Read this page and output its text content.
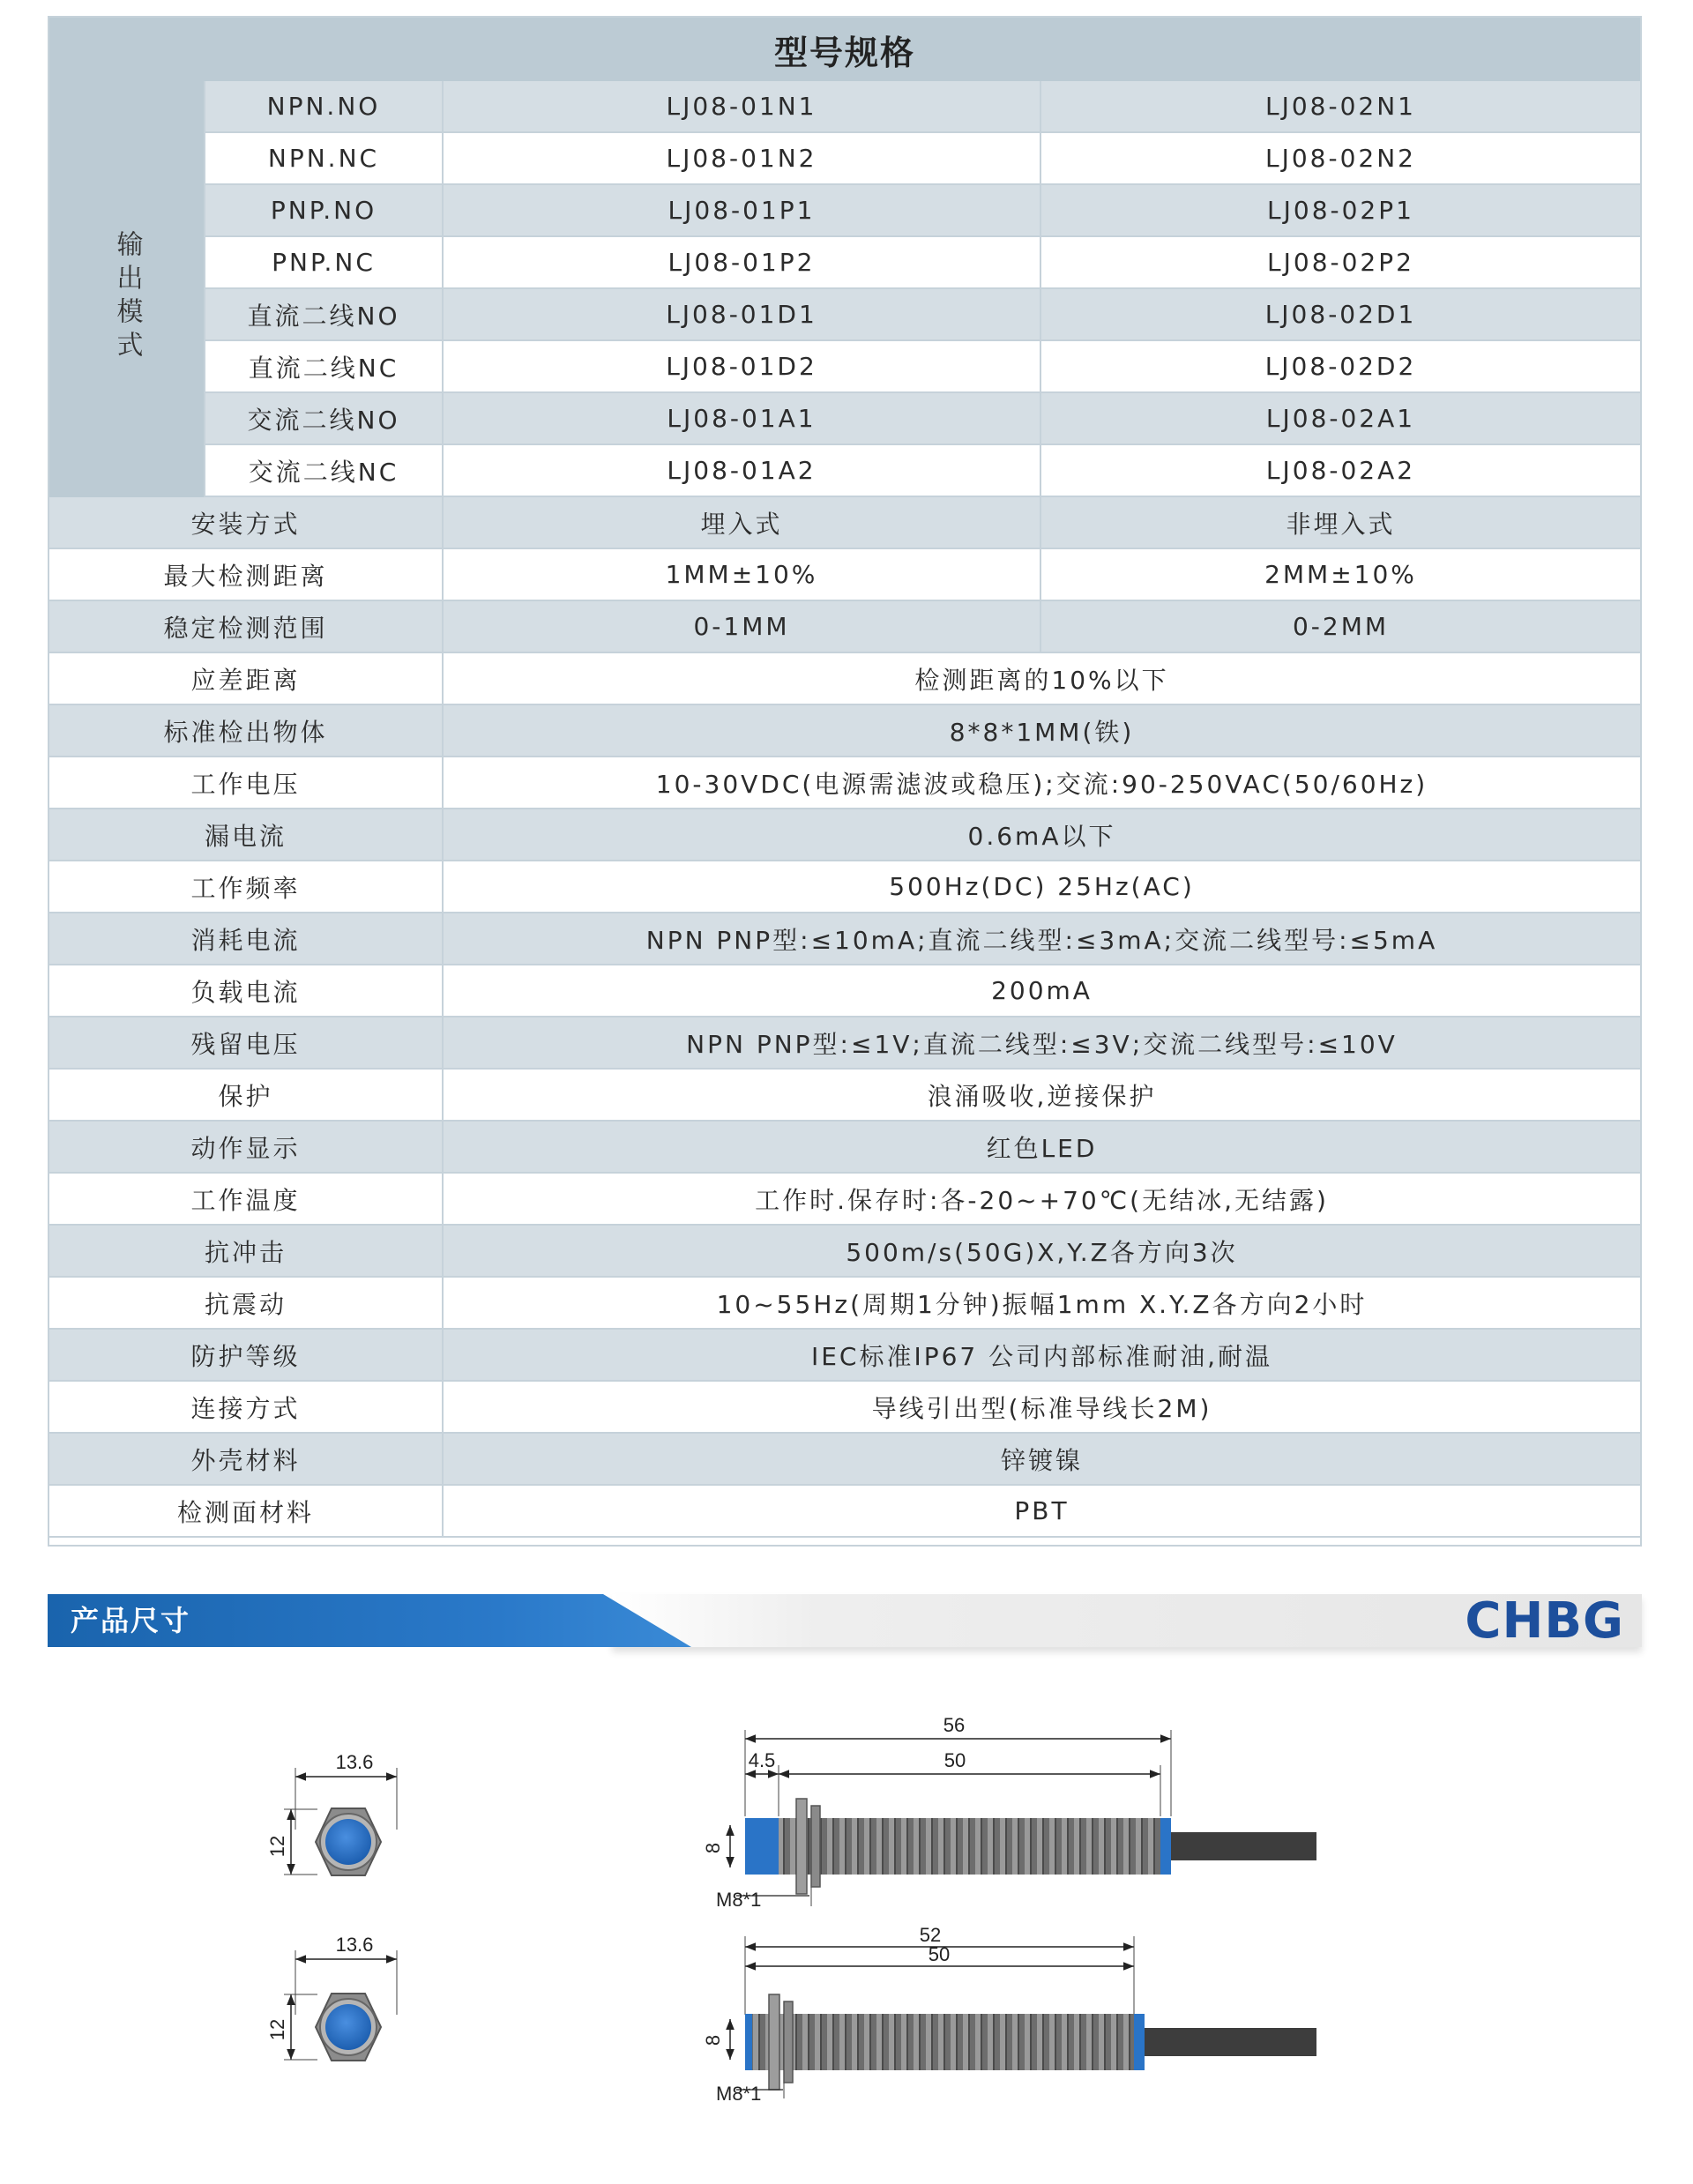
型号规格
输出模式
NPN.NO	LJ08-01N1	LJ08-02N1
NPN.NC	LJ08-01N2	LJ08-02N2
PNP.NO	LJ08-01P1	LJ08-02P1
PNP.NC	LJ08-01P2	LJ08-02P2
直流二线NO	LJ08-01D1	LJ08-02D1
直流二线NC	LJ08-01D2	LJ08-02D2
交流二线NO	LJ08-01A1	LJ08-02A1
交流二线NC	LJ08-01A2	LJ08-02A2
安装方式	埋入式	非埋入式
最大检测距离	1MM±10%	2MM±10%
稳定检测范围	0-1MM	0-2MM
应差距离	检测距离的10%以下
标准检出物体	8*8*1MM(铁)
工作电压	10-30VDC(电源需滤波或稳压);交流:90-250VAC(50/60Hz)
漏电流	0.6mA以下
工作频率	500Hz(DC) 25Hz(AC)
消耗电流	NPN PNP型:≤10mA;直流二线型:≤3mA;交流二线型号:≤5mA
负载电流	200mA
残留电压	NPN PNP型:≤1V;直流二线型:≤3V;交流二线型号:≤10V
保护	浪涌吸收,逆接保护
动作显示	红色LED
工作温度	工作时.保存时:各-20~+70℃(无结冰,无结露)
抗冲击	500m/s(50G)X,Y.Z各方向3次
抗震动	10~55Hz(周期1分钟)振幅1mm X.Y.Z各方向2小时
防护等级	IEC标准IP67 公司内部标准耐油,耐温
连接方式	导线引出型(标准导线长2M)
外壳材料	锌镀镍
检测面材料	PBT
产品尺寸	CHBG
13.6
12
13.6
12
56
4.5	50
8
M8*1
52
50
8
M8*1
